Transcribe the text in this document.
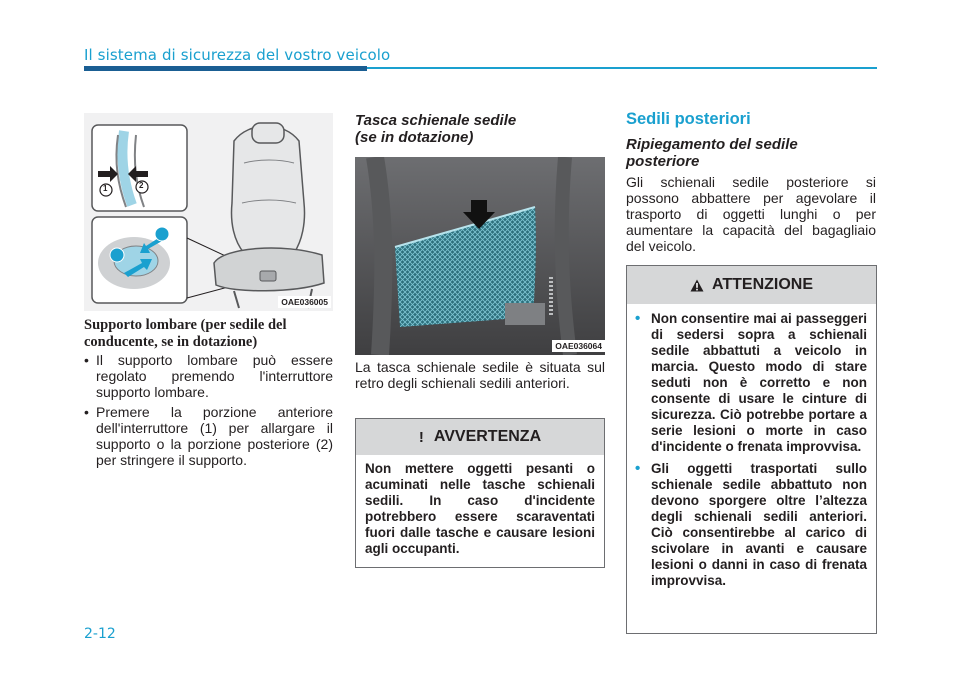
Il sistema di sicurezza del vostro veicolo
OAE036005
1	2
Supporto lombare (per sedile del conducente, se in dotazione)
• Il supporto lombare può essere regolato premendo l'interruttore supporto lombare.
• Premere la porzione anteriore dell'interruttore (1) per allargare il supporto o la porzione posteriore (2) per stringere il supporto.
Tasca schienale sedile
(se in dotazione)
OAE036064
La tasca schienale sedile è situata sul retro degli schienali sedili anteriori.
! AVVERTENZA
Non mettere oggetti pesanti o acuminati nelle tasche schienali sedili. In caso d'incidente potrebbero essere scaraventati fuori dalle tasche e causare lesioni agli occupanti.
Sedili posteriori
Ripiegamento del sedile
posteriore
Gli schienali sedile posteriore si possono abbattere per agevolare il trasporto di oggetti lunghi o per aumentare la capacità del bagagliaio del veicolo.
ATTENZIONE
• Non consentire mai ai passeggeri di sedersi sopra a schienali sedile abbattuti a veicolo in marcia. Questo modo di stare seduti non è corretto e non consente di usare le cinture di sicurezza. Ciò potrebbe portare a serie lesioni o morte in caso d'incidente o frenata improvvisa.
• Gli oggetti trasportati sullo schienale sedile abbattuto non devono sporgere oltre l’altezza degli schienali sedili anteriori. Ciò consentirebbe al carico di scivolare in avanti e causare lesioni o danni in caso di frenata improvvisa.
2-12
